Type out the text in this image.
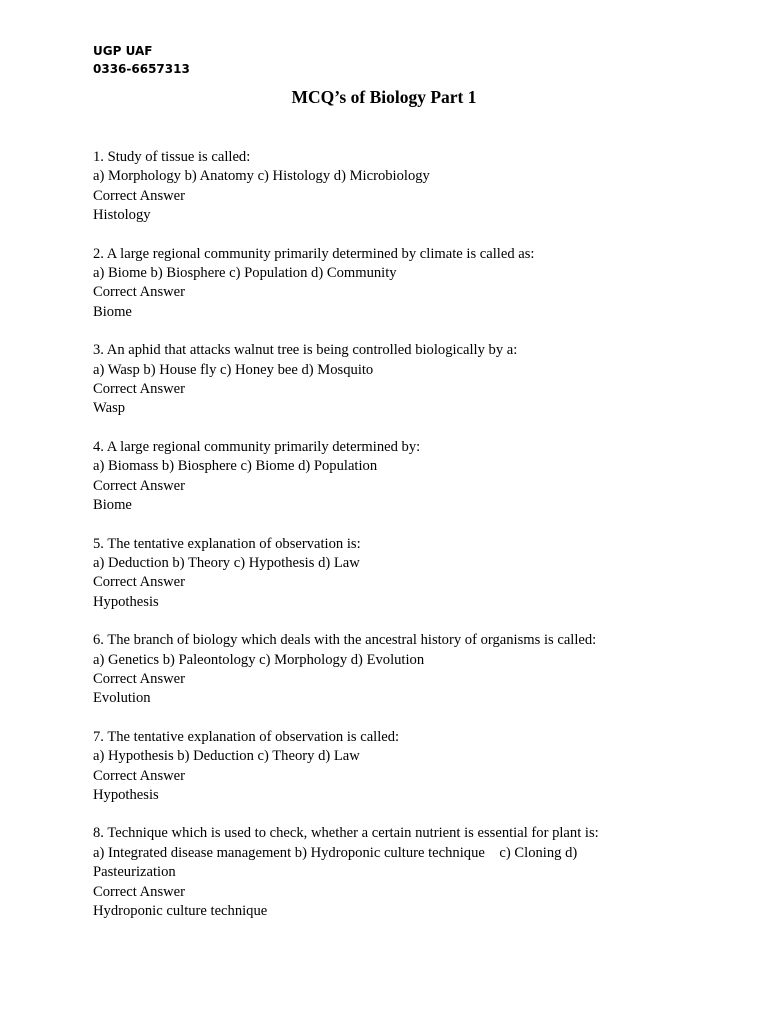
UGP UAF
0336-6657313
MCQ’s of Biology Part 1
1. Study of tissue is called:
a) Morphology b) Anatomy c) Histology d) Microbiology
Correct Answer
Histology
2. A large regional community primarily determined by climate is called as:
a) Biome b) Biosphere c) Population d) Community
Correct Answer
Biome
3. An aphid that attacks walnut tree is being controlled biologically by a:
a) Wasp b) House fly c) Honey bee d) Mosquito
Correct Answer
Wasp
4. A large regional community primarily determined by:
a) Biomass b) Biosphere c) Biome d) Population
Correct Answer
Biome
5. The tentative explanation of observation is:
a) Deduction b) Theory c) Hypothesis d) Law
Correct Answer
Hypothesis
6. The branch of biology which deals with the ancestral history of organisms is called:
a) Genetics b) Paleontology c) Morphology d) Evolution
Correct Answer
Evolution
7. The tentative explanation of observation is called:
a) Hypothesis b) Deduction c) Theory d) Law
Correct Answer
Hypothesis
8. Technique which is used to check, whether a certain nutrient is essential for plant is:
a) Integrated disease management b) Hydroponic culture technique    c) Cloning d)
Pasteurization
Correct Answer
Hydroponic culture technique
